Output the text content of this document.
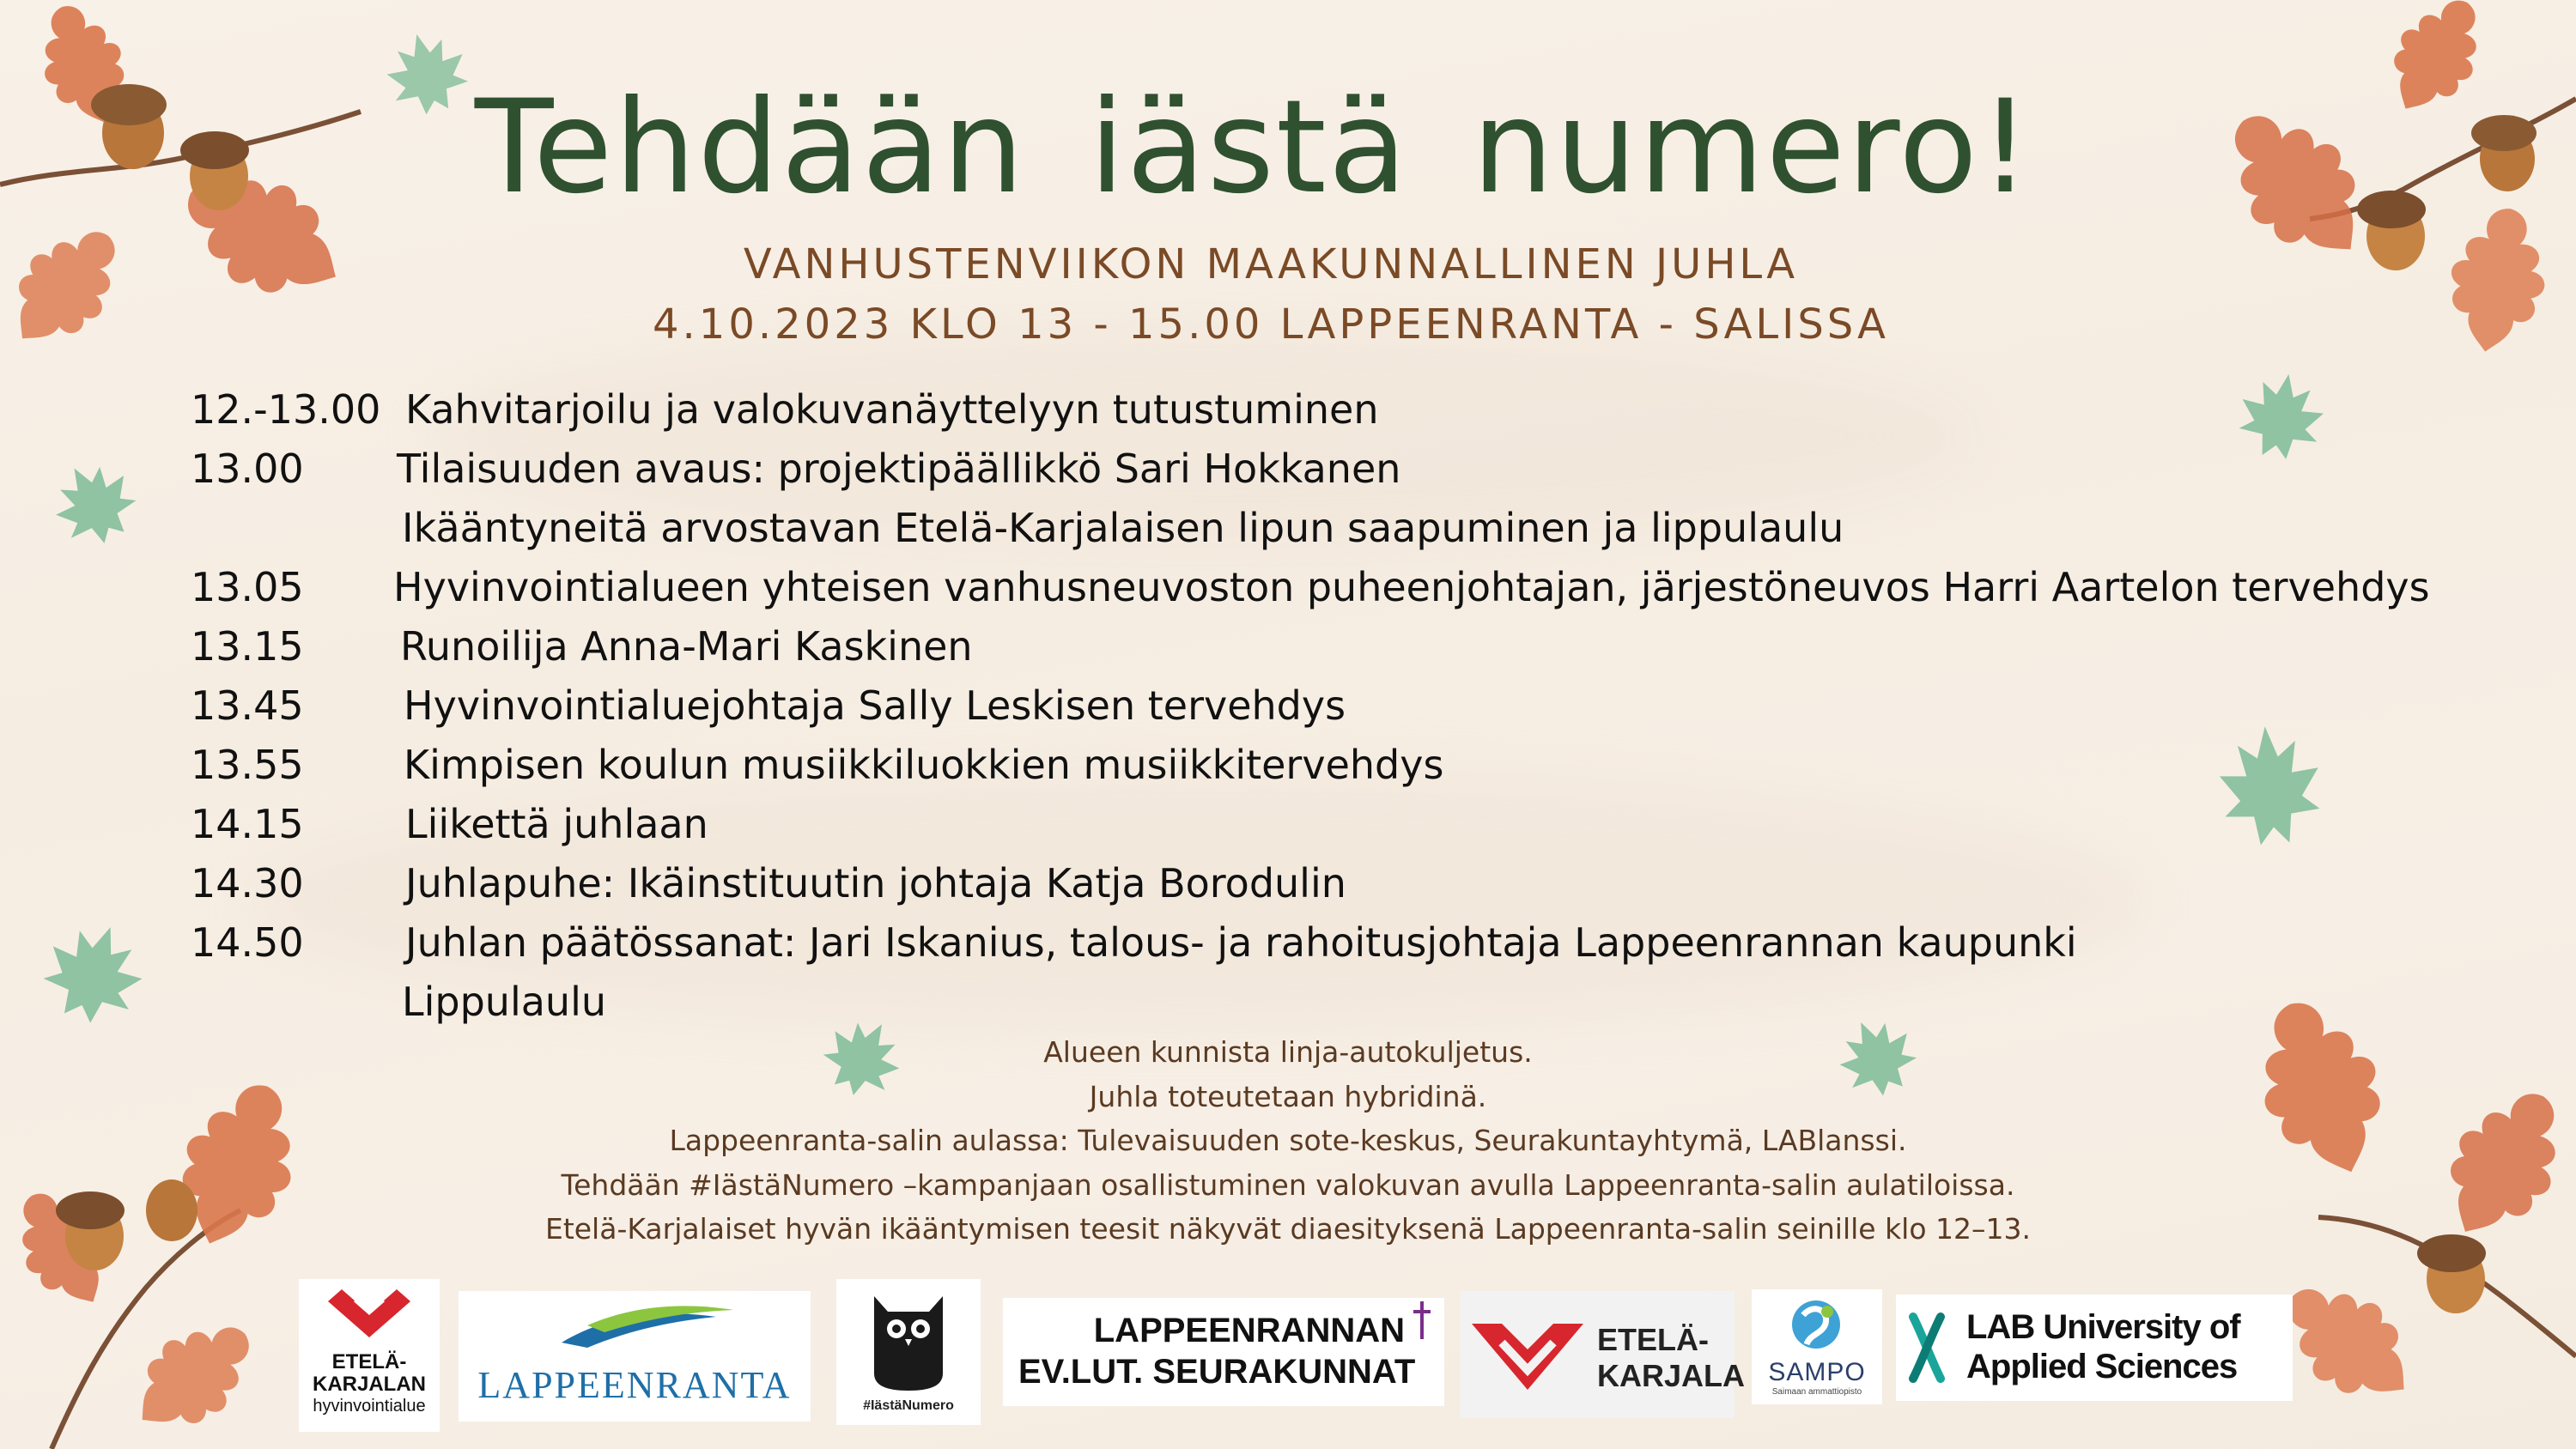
Tehdään iästä numero!
VANHUSTENVIIKON MAAKUNNALLINEN JUHLA
4.10.2023 KLO 13 - 15.00 LAPPEENRANTA - SALISSA
12.-13.00 Kahvitarjoilu ja valokuvanäyttelyyn tutustuminen
13.00 Tilaisuuden avaus: projektipäällikkö Sari Hokkanen
Ikääntyneitä arvostavan Etelä-Karjalaisen lipun saapuminen ja lippulaulu
13.05 Hyvinvointialueen yhteisen vanhusneuvoston puheenjohtajan, järjestöneuvos Harri Aartelon tervehdys
13.15 Runoilija Anna-Mari Kaskinen
13.45	Hyvinvointialuejohtaja Sally Leskisen tervehdys
13.55	Kimpisen koulun musiikkiluokkien musiikkitervehdys
14.15	Liikettä juhlaan
14.30	Juhlapuhe: Ikäinstituutin johtaja Katja Borodulin
14.50	Juhlan päätössanat: Jari Iskanius, talous- ja rahoitusjohtaja Lappeenrannan kaupunki
Lippulaulu
Alueen kunnista linja-autokuljetus.
Juhla toteutetaan hybridinä.
Lappeenranta-salin aulassa: Tulevaisuuden sote-keskus, Seurakuntayhtymä, LABlanssi.
Tehdään #IästäNumero –kampanjaan osallistuminen valokuvan avulla Lappeenranta-salin aulatiloissa.
Etelä-Karjalaiset hyvän ikääntymisen teesit näkyvät diaesityksenä Lappeenranta-salin seinille klo 12–13.
ETELÄ-
KARJALAN
hyvinvointialue	LAPPEENRANTA	#IästäNumero
LAPPEENRANNAN
EV.LUT. SEURAKUNNAT
ETELÄ-
KARJALA SAMPO
Saimaan ammattiopisto
LAB University of
Applied Sciences
